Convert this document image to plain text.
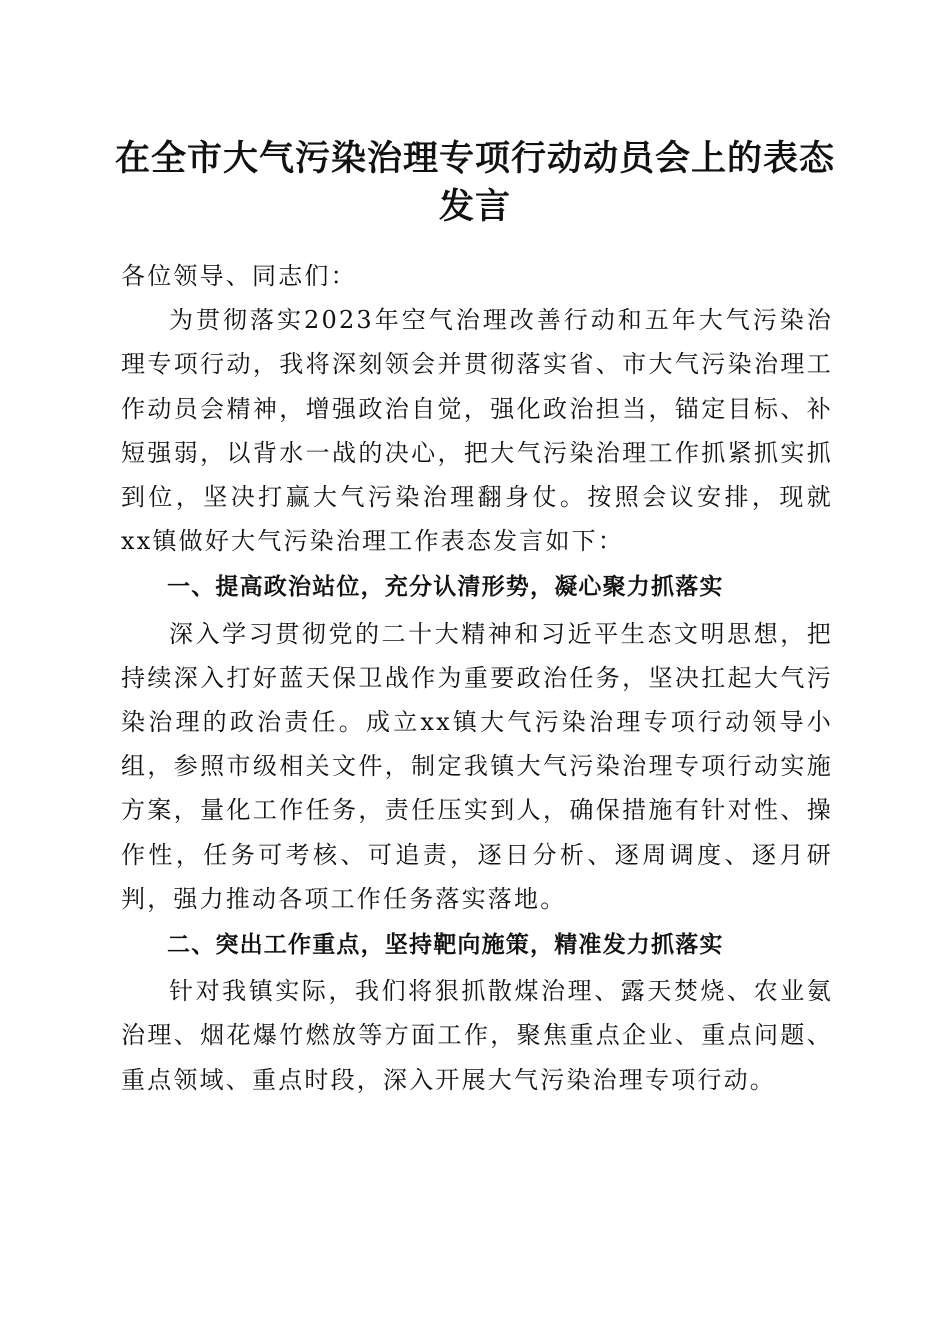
在全市大气污染治理专项行动动员会上的表态
发言

各位领导、同志们：

为贯彻落实2023年空气治理改善行动和五年大气污染治理专项行动，我将深刻领会并贯彻落实省、市大气污染治理工作动员会精神，增强政治自觉，强化政治担当，锚定目标、补短强弱，以背水一战的决心，把大气污染治理工作抓紧抓实抓到位，坚决打赢大气污染治理翻身仗。按照会议安排，现就xx镇做好大气污染治理工作表态发言如下：

一、提高政治站位，充分认清形势，凝心聚力抓落实

深入学习贯彻党的二十大精神和习近平生态文明思想，把持续深入打好蓝天保卫战作为重要政治任务，坚决扛起大气污染治理的政治责任。成立xx镇大气污染治理专项行动领导小组，参照市级相关文件，制定我镇大气污染治理专项行动实施方案，量化工作任务，责任压实到人，确保措施有针对性、操作性，任务可考核、可追责，逐日分析、逐周调度、逐月研判，强力推动各项工作任务落实落地。

二、突出工作重点，坚持靶向施策，精准发力抓落实

针对我镇实际，我们将狠抓散煤治理、露天焚烧、农业氨治理、烟花爆竹燃放等方面工作，聚焦重点企业、重点问题、重点领域、重点时段，深入开展大气污染治理专项行动。
